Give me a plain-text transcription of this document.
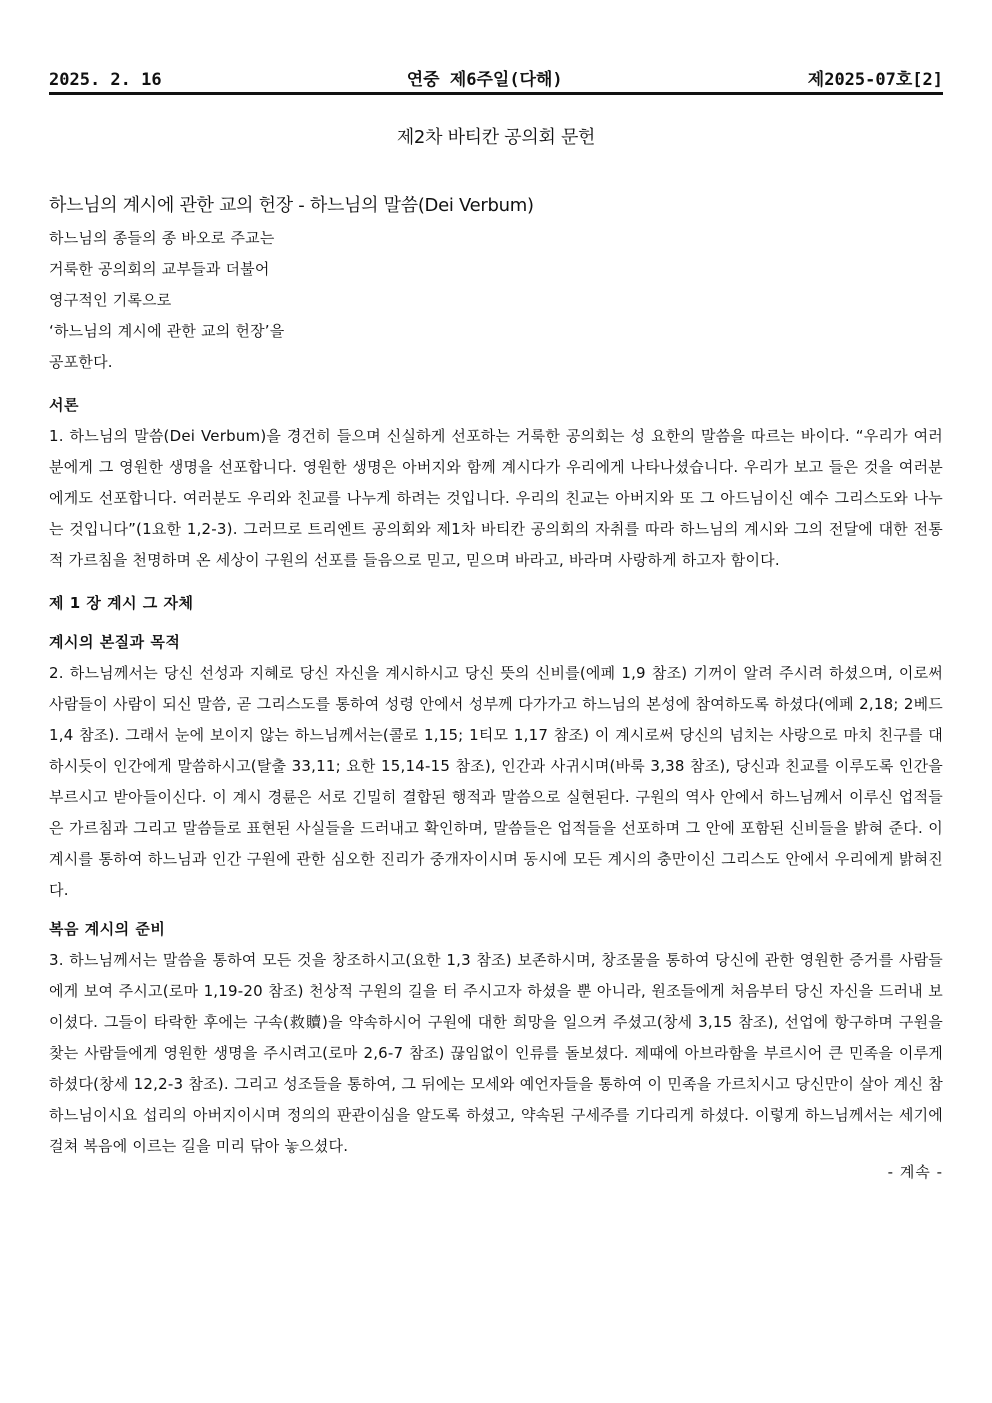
2025. 2. 16	연중 제6주일(다해)	제2025-07호[2]
제2차 바티칸 공의회 문헌
하느님의 계시에 관한 교의 헌장 - 하느님의 말씀(Dei Verbum)
하느님의 종들의 종 바오로 주교는
거룩한 공의회의 교부들과 더불어
영구적인 기록으로
‘하느님의 계시에 관한 교의 헌장’을
공포한다.
서론

1. 하느님의 말씀(Dei Verbum)을 경건히 들으며 신실하게 선포하는 거룩한 공의회는 성 요한의 말씀을 따르는 바이다. “우리가 여러분에게 그 영원한 생명을 선포합니다. 영원한 생명은 아버지와 함께 계시다가 우리에게 나타나셨습니다. 우리가 보고 들은 것을 여러분에게도 선포합니다. 여러분도 우리와 친교를 나누게 하려는 것입니다. 우리의 친교는 아버지와 또 그 아드님이신 예수 그리스도와 나누는 것입니다”(1요한 1,2-3). 그러므로 트리엔트 공의회와 제1차 바티칸 공의회의 자취를 따라 하느님의 계시와 그의 전달에 대한 전통적 가르침을 천명하며 온 세상이 구원의 선포를 들음으로 믿고, 믿으며 바라고, 바라며 사랑하게 하고자 함이다.

제 1 장 계시 그 자체
계시의 본질과 목적

2. 하느님께서는 당신 선성과 지혜로 당신 자신을 계시하시고 당신 뜻의 신비를(에페 1,9 참조) 기꺼이 알려 주시려 하셨으며, 이로써 사람들이 사람이 되신 말씀, 곧 그리스도를 통하여 성령 안에서 성부께 다가가고 하느님의 본성에 참여하도록 하셨다(에페 2,18; 2베드 1,4 참조). 그래서 눈에 보이지 않는 하느님께서는(콜로 1,15; 1티모 1,17 참조) 이 계시로써 당신의 넘치는 사랑으로 마치 친구를 대하시듯이 인간에게 말씀하시고(탈출 33,11; 요한 15,14-15 참조), 인간과 사귀시며(바룩 3,38 참조), 당신과 친교를 이루도록 인간을 부르시고 받아들이신다. 이 계시 경륜은 서로 긴밀히 결합된 행적과 말씀으로 실현된다. 구원의 역사 안에서 하느님께서 이루신 업적들은 가르침과 그리고 말씀들로 표현된 사실들을 드러내고 확인하며, 말씀들은 업적들을 선포하며 그 안에 포함된 신비들을 밝혀 준다. 이 계시를 통하여 하느님과 인간 구원에 관한 심오한 진리가 중개자이시며 동시에 모든 계시의 충만이신 그리스도 안에서 우리에게 밝혀진다.

복음 계시의 준비

3. 하느님께서는 말씀을 통하여 모든 것을 창조하시고(요한 1,3 참조) 보존하시며, 창조물을 통하여 당신에 관한 영원한 증거를 사람들에게 보여 주시고(로마 1,19-20 참조) 천상적 구원의 길을 터 주시고자 하셨을 뿐 아니라, 원조들에게 처음부터 당신 자신을 드러내 보이셨다. 그들이 타락한 후에는 구속(救贖)을 약속하시어 구원에 대한 희망을 일으켜 주셨고(창세 3,15 참조), 선업에 항구하며 구원을 찾는 사람들에게 영원한 생명을 주시려고(로마 2,6-7 참조) 끊임없이 인류를 돌보셨다. 제때에 아브라함을 부르시어 큰 민족을 이루게 하셨다(창세 12,2-3 참조). 그리고 성조들을 통하여, 그 뒤에는 모세와 예언자들을 통하여 이 민족을 가르치시고 당신만이 살아 계신 참하느님이시요 섭리의 아버지이시며 정의의 판관이심을 알도록 하셨고, 약속된 구세주를 기다리게 하셨다. 이렇게 하느님께서는 세기에 걸쳐 복음에 이르는 길을 미리 닦아 놓으셨다.

- 계속 -
